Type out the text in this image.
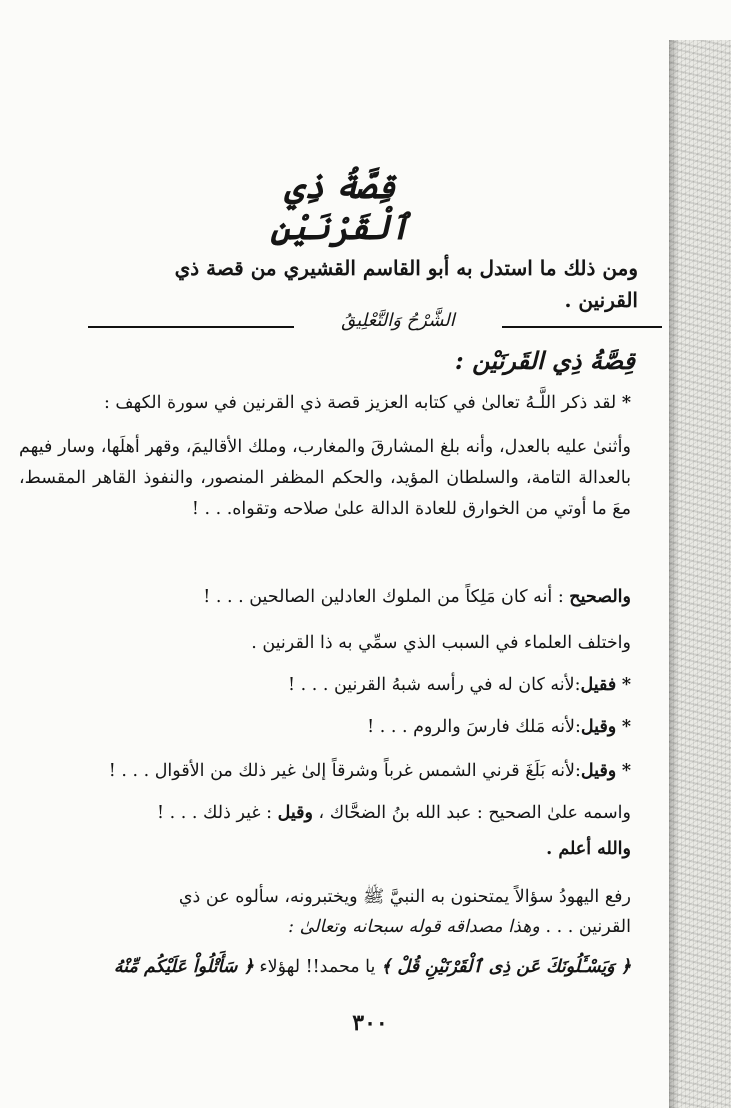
قِصَّةُ ذِي ٱلْقَرْنَيْنِ

ومن ذلك ما استدل به أبو القاسم القشيري من قصة ذي القرنين .

الشَّرْحُ وَالتَّعْلِيقُ
قِصَّةُ ذِي القَرنَيْن :

* لقد ذكر اللَّـهُ تعالىٰ في كتابه العزيز قصة ذي القرنين في سورة الكهف :

وأثنىٰ عليه بالعدل، وأنه بلغ المشارقَ والمغارب، وملك الأقاليمَ، وقهر أهلَها، وسار فيهم بالعدالة التامة، والسلطان المؤيد، والحكم المظفر المنصور، والنفوذ القاهر المقسط، معَ ما أوتي من الخوارق للعادة الدالة علىٰ صلاحه وتقواه. . . !

والصحيح : أنه كان مَلِكاً من الملوك العادلين الصالحين . . . !

واختلف العلماء في السبب الذي سمِّي به ذا القرنين .

* فقيل:لأنه كان له في رأسه شبهُ القرنين . . . !

* وقيل:لأنه مَلك فارسَ والروم . . . !

* وقيل:لأنه بَلَغَ قرني الشمس غرباً وشرقاً إلىٰ غير ذلك من الأقوال . . . !

واسمه علىٰ الصحيح : عبد الله بنُ الضحَّاك ، وقيل : غير ذلك . . . !

والله أعلم .

رفع اليهودُ سؤالاً يمتحنون به النبيَّ ﷺ ويختبرونه، سألوه عن ذي

القرنين . . . وهذا مصداقه قوله سبحانه وتعالىٰ :

﴿ وَيَسْـَٔلُونَكَ عَن ذِى ٱلْقَرْنَيْنِ قُلْ ﴾ يا محمد!! لهؤلاء ﴿ سَأَتْلُواْ عَلَيْكُم مِّنْهُ

٣٠٠
